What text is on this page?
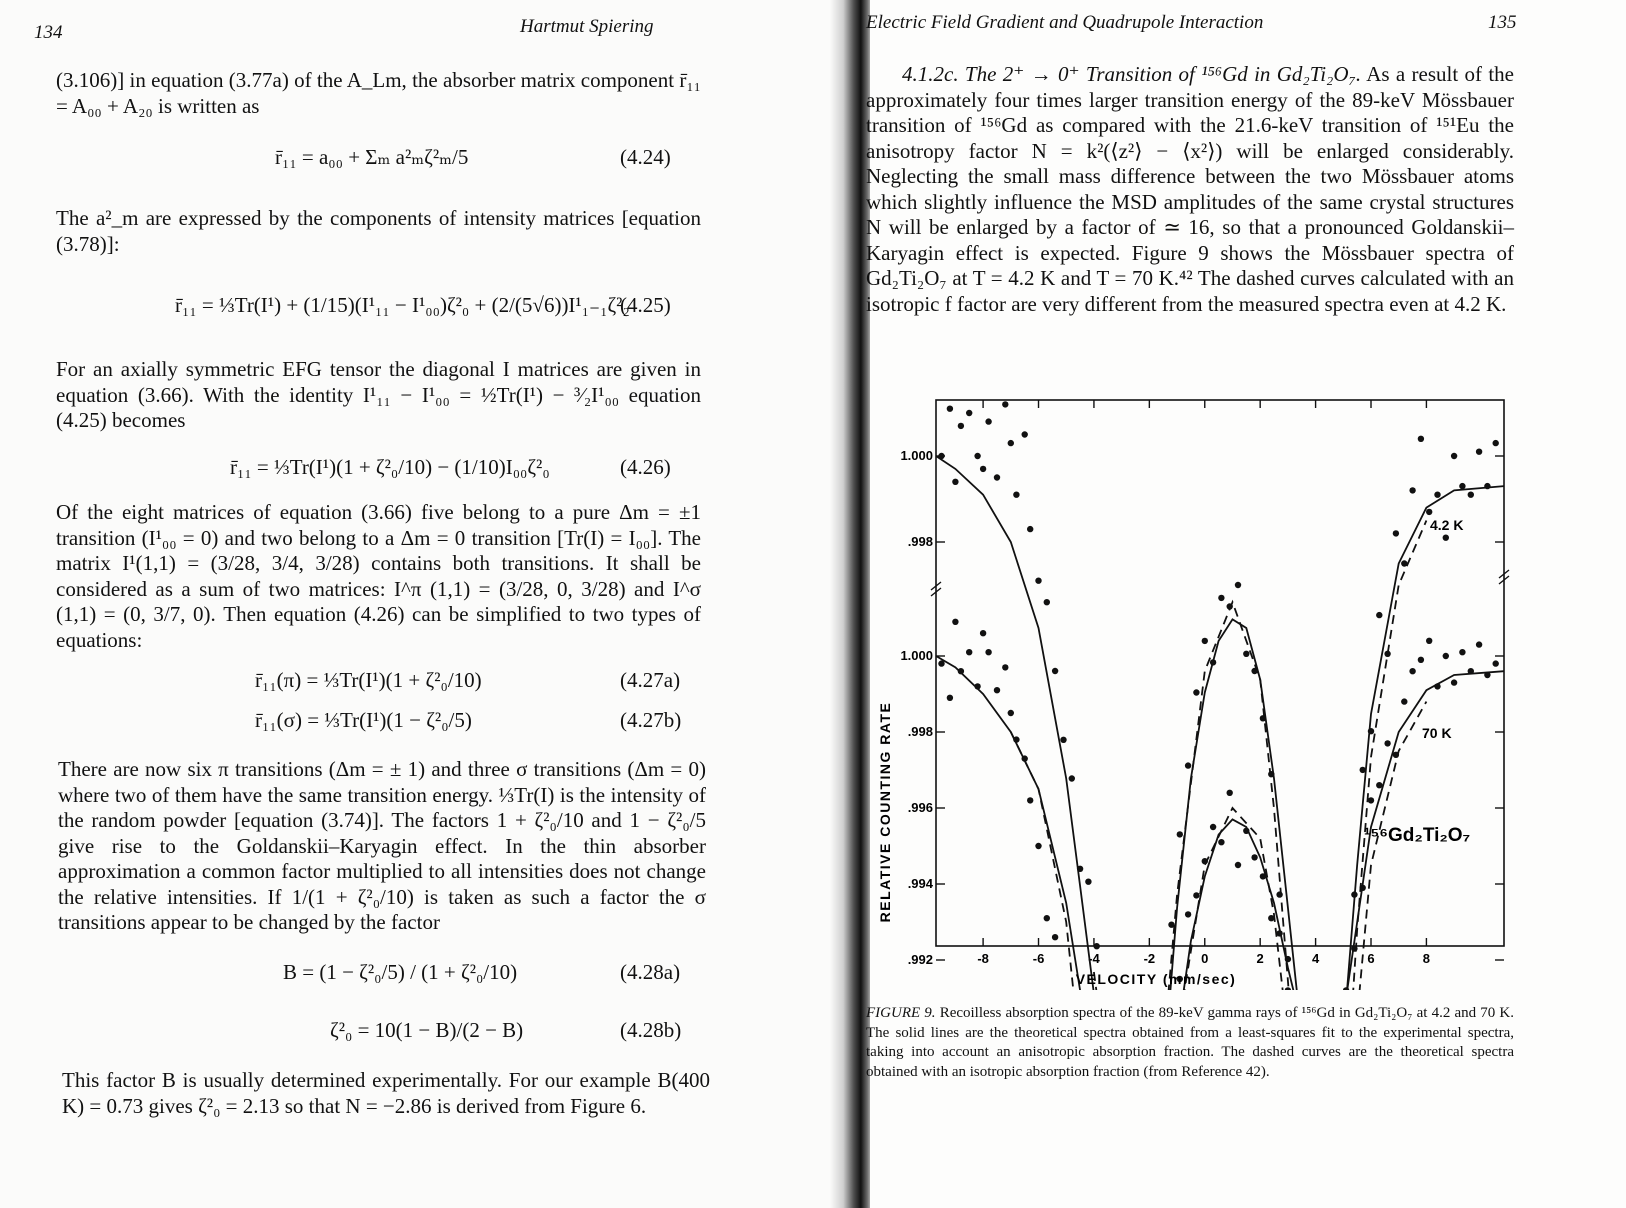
134	Hartmut Spiering

(3.106)] in equation (3.77a) of the A_Lm, the absorber matrix component r̄₁₁ = A₀₀ + A₂₀ is written as

r̄₁₁ = a₀₀ + Σₘ a²ₘζ²ₘ/5	(4.24)

The a²_m are expressed by the components of intensity matrices [equation (3.78)]:

r̄₁₁ = ⅓Tr(I¹) + (1/15)(I¹₁₁ − I¹₀₀)ζ²₀ + (2/(5√6))I¹₁₋₁ζ²₂
(4.25)

For an axially symmetric EFG tensor the diagonal I matrices are given in equation (3.66). With the identity I¹₁₁ − I¹₀₀ = ½Tr(I¹) − ³⁄₂I¹₀₀ equation (4.25) becomes

r̄₁₁ = ⅓Tr(I¹)(1 + ζ²₀/10) − (1/10)I₀₀ζ²₀	(4.26)

Of the eight matrices of equation (3.66) five belong to a pure Δm = ±1 transition (I¹₀₀ = 0) and two belong to a Δm = 0 transition [Tr(I) = I₀₀]. The matrix I¹(1,1) = (3/28, 3/4, 3/28) contains both transitions. It shall be considered as a sum of two matrices: I^π (1,1) = (3/28, 0, 3/28) and I^σ (1,1) = (0, 3/7, 0). Then equation (4.26) can be simplified to two types of equations:

r̄₁₁(π) = ⅓Tr(I¹)(1 + ζ²₀/10)	(4.27a)
r̄₁₁(σ) = ⅓Tr(I¹)(1 − ζ²₀/5)	(4.27b)

There are now six π transitions (Δm = ± 1) and three σ transitions (Δm = 0) where two of them have the same transition energy. ⅓Tr(I) is the intensity of the random powder [equation (3.74)]. The factors 1 + ζ²₀/10 and 1 − ζ²₀/5 give rise to the Goldanskii–Karyagin effect. In the thin absorber approximation a common factor multiplied to all intensities does not change the relative intensities. If 1/(1 + ζ²₀/10) is taken as such a factor the σ transitions appear to be changed by the factor

B = (1 − ζ²₀/5) / (1 + ζ²₀/10)	(4.28a)
ζ²₀ = 10(1 − B)/(2 − B)	(4.28b)

This factor B is usually determined experimentally. For our example B(400 K) = 0.73 gives ζ²₀ = 2.13 so that N = −2.86 is derived from Figure 6.

Electric Field Gradient and Quadrupole Interaction	135

4.1.2c. The 2⁺ → 0⁺ Transition of ¹⁵⁶Gd in Gd₂Ti₂O₇. As a result of the approximately four times larger transition energy of the 89-keV Mössbauer transition of ¹⁵⁶Gd as compared with the 21.6-keV transition of ¹⁵¹Eu the anisotropy factor N = k²(⟨z²⟩ − ⟨x²⟩) will be enlarged considerably. Neglecting the small mass difference between the two Mössbauer atoms which slightly influence the MSD amplitudes of the same crystal structures N will be enlarged by a factor of ≃ 16, so that a pronounced Goldanskii–Karyagin effect is expected. Figure 9 shows the Mössbauer spectra of Gd₂Ti₂O₇ at T = 4.2 K and T = 70 K.⁴² The dashed curves calculated with an isotropic f factor are very different from the measured spectra even at 4.2 K.

-8	-6	-4	-2	0	2	4	6	8
1.000
.998
1.000
.998
.996
.994
.992
4.2 K
70 K
RELATIVE COUNTING RATE
VELOCITY (mm/sec)
¹⁵⁶Gd₂Ti₂O₇

FIGURE 9. Recoilless absorption spectra of the 89-keV gamma rays of ¹⁵⁶Gd in Gd₂Ti₂O₇ at 4.2 and 70 K. The solid lines are the theoretical spectra obtained from a least-squares fit to the experimental spectra, taking into account an anisotropic absorption fraction. The dashed curves are the theoretical spectra obtained with an isotropic absorption fraction (from Reference 42).
